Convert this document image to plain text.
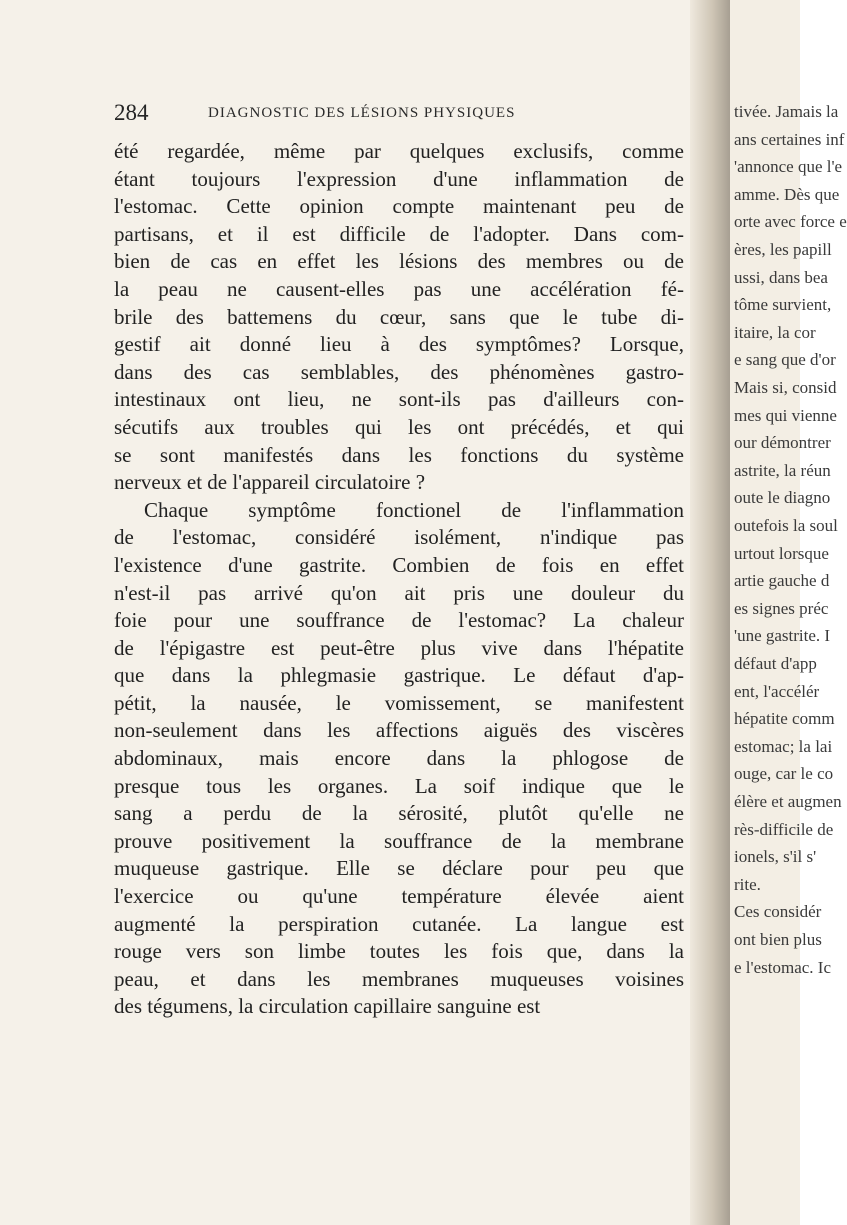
284	DIAGNOSTIC DES LÉSIONS PHYSIQUES
été regardée, même par quelques exclusifs, comme
étant toujours l'expression d'une inflammation de
l'estomac. Cette opinion compte maintenant peu de
partisans, et il est difficile de l'adopter. Dans com-
bien de cas en effet les lésions des membres ou de
la peau ne causent-elles pas une accélération fé-
brile des battemens du cœur, sans que le tube di-
gestif ait donné lieu à des symptômes? Lorsque,
dans des cas semblables, des phénomènes gastro-
intestinaux ont lieu, ne sont-ils pas d'ailleurs con-
sécutifs aux troubles qui les ont précédés, et qui
se sont manifestés dans les fonctions du système
nerveux et de l'appareil circulatoire ?
Chaque symptôme fonctionel de l'inflammation
de l'estomac, considéré isolément, n'indique pas
l'existence d'une gastrite. Combien de fois en effet
n'est-il pas arrivé qu'on ait pris une douleur du
foie pour une souffrance de l'estomac? La chaleur
de l'épigastre est peut-être plus vive dans l'hépatite
que dans la phlegmasie gastrique. Le défaut d'ap-
pétit, la nausée, le vomissement, se manifestent
non-seulement dans les affections aiguës des viscères
abdominaux, mais encore dans la phlogose de
presque tous les organes. La soif indique que le
sang a perdu de la sérosité, plutôt qu'elle ne
prouve positivement la souffrance de la membrane
muqueuse gastrique. Elle se déclare pour peu que
l'exercice ou qu'une température élevée aient
augmenté la perspiration cutanée. La langue est
rouge vers son limbe toutes les fois que, dans la
peau, et dans les membranes muqueuses voisines
des tégumens, la circulation capillaire sanguine est
tivée. Jamais la
ans certaines inf
'annonce que l'e
amme. Dès que
orte avec force e
ères, les papill
ussi, dans bea
tôme survient,
itaire, la cor
e sang que d'or
Mais si, consid
mes qui vienne
our démontrer
astrite, la réun
oute le diagno
outefois la soul
urtout lorsque
artie gauche d
es signes préc
'une gastrite. I
défaut d'app
ent, l'accélér
hépatite comm
estomac; la lai
ouge, car le co
élère et augmen
rès-difficile de
ionels, s'il s'
rite.
Ces considér
ont bien plus
e l'estomac. Ic
